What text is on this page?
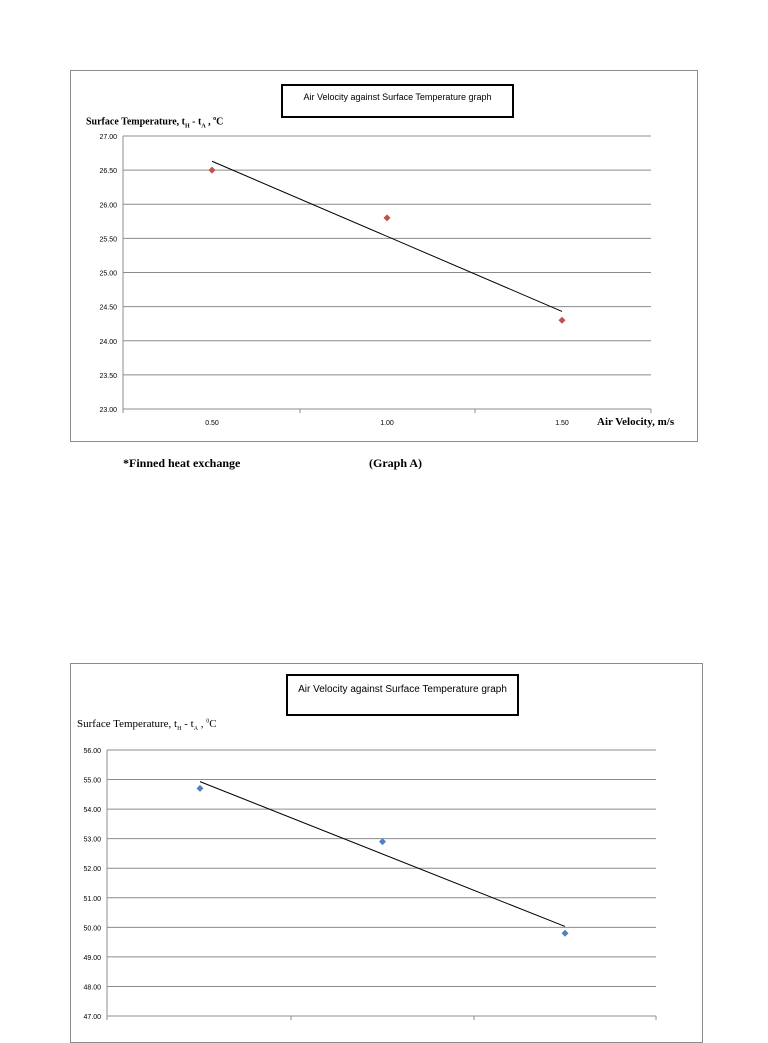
Air Velocity against Surface Temperature graph
Surface Temperature, $t_H - t_A$ , $^o$C
Air Velocity, m/s
23.00
23.50
24.00
24.50
25.00
25.50
26.00
26.50
27.00
0.50	1.00	1.50
*Finned heat exchange	(Graph A)
Air Velocity against Surface Temperature graph
Surface Temperature, $t_H - t_A$ , $^0$C
47.00
48.00
49.00
50.00
51.00
52.00
53.00
54.00
55.00
56.00
